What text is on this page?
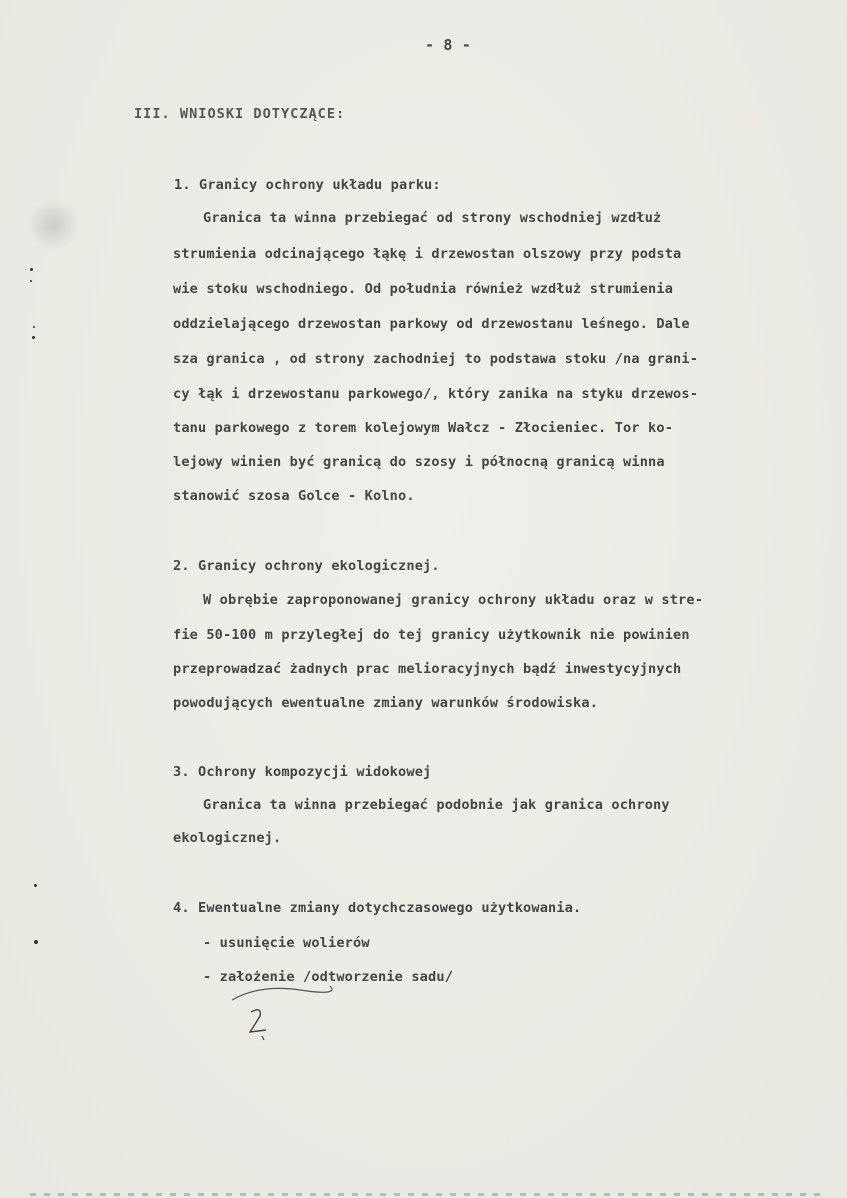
- 8 -
III. WNIOSKI DOTYCZĄCE:
1. Granicy ochrony układu parku:
Granica ta winna przebiegać od strony wschodniej wzdłuż
strumienia odcinającego łąkę i drzewostan olszowy przy podsta
wie stoku wschodniego. Od południa również wzdłuż strumienia
oddzielającego drzewostan parkowy od drzewostanu leśnego. Dale
sza granica , od strony zachodniej to podstawa stoku /na grani-
cy łąk i drzewostanu parkowego/, który zanika na styku drzewos-
tanu parkowego z torem kolejowym Wałcz - Złocieniec. Tor ko-
lejowy winien być granicą do szosy i północną granicą winna
stanowić szosa Golce - Kolno.
2. Granicy ochrony ekologicznej.
W obrębie zaproponowanej granicy ochrony układu oraz w stre-
fie 50-100 m przyległej do tej granicy użytkownik nie powinien
przeprowadzać żadnych prac melioracyjnych bądź inwestycyjnych
powodujących ewentualne zmiany warunków środowiska.
3. Ochrony kompozycji widokowej
Granica ta winna przebiegać podobnie jak granica ochrony
ekologicznej.
4. Ewentualne zmiany dotychczasowego użytkowania.
- usunięcie wolierów
- założenie /odtworzenie sadu/
